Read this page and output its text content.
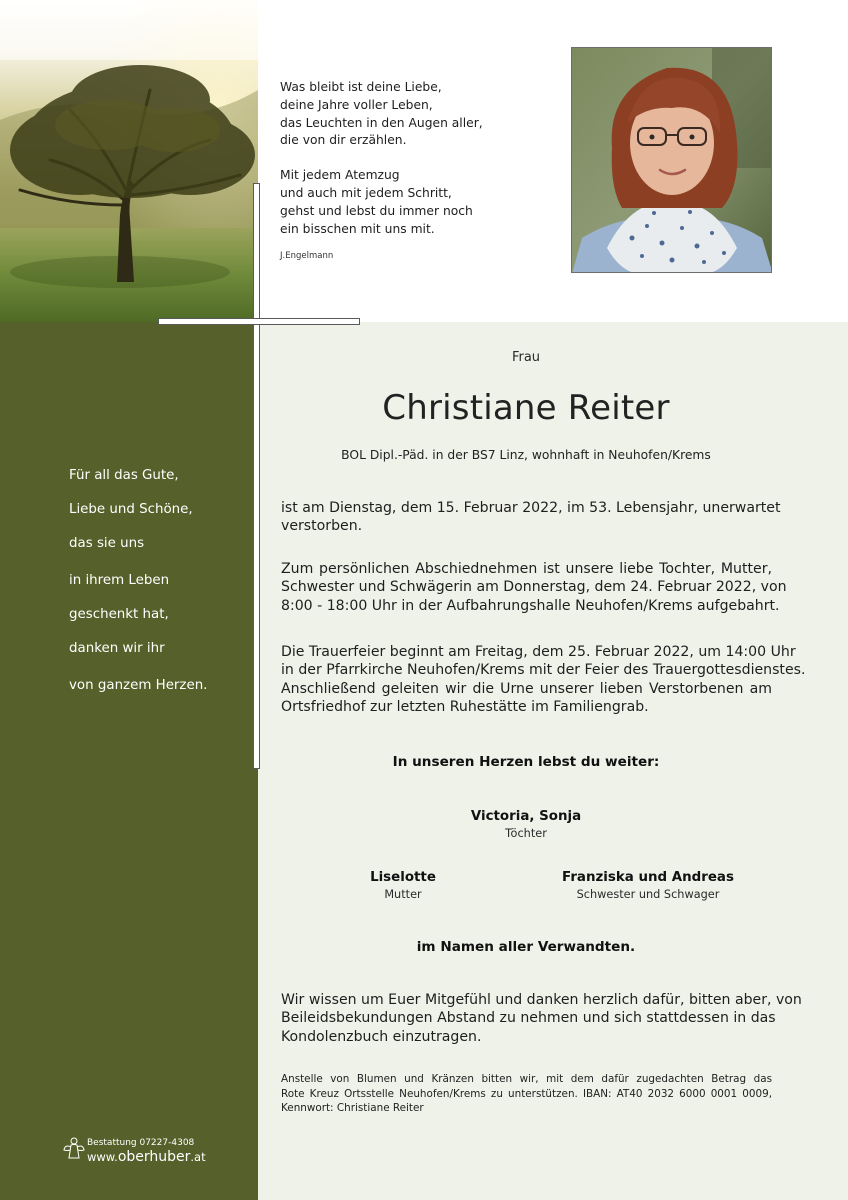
Was bleibt ist deine Liebe,
deine Jahre voller Leben,
das Leuchten in den Augen aller,
die von dir erzählen.
Mit jedem Atemzug
und auch mit jedem Schritt,
gehst und lebst du immer noch
ein bisschen mit uns mit.
J.Engelmann
Für all das Gute,
Liebe und Schöne,
das sie uns
in ihrem Leben
geschenkt hat,
danken wir ihr
von ganzem Herzen.
Bestattung 07227-4308
www.oberhuber.at
Frau
Christiane Reiter
BOL Dipl.-Päd. in der BS7 Linz, wohnhaft in Neuhofen/Krems
ist am Dienstag, dem 15. Februar 2022, im 53. Lebensjahr, unerwartet
verstorben.
Zum persönlichen Abschiednehmen ist unsere liebe Tochter, Mutter,
Schwester und Schwägerin am Donnerstag, dem 24. Februar 2022, von
8:00 - 18:00 Uhr in der Aufbahrungshalle Neuhofen/Krems aufgebahrt.
Die Trauerfeier beginnt am Freitag, dem 25. Februar 2022, um 14:00 Uhr
in der Pfarrkirche Neuhofen/Krems mit der Feier des Trauergottesdienstes.
Anschließend geleiten wir die Urne unserer lieben Verstorbenen am
Ortsfriedhof zur letzten Ruhestätte im Familiengrab.
In unseren Herzen lebst du weiter:
Victoria, Sonja
Töchter
Liselotte
Mutter
Franziska und Andreas
Schwester und Schwager
im Namen aller Verwandten.
Wir wissen um Euer Mitgefühl und danken herzlich dafür, bitten aber, von
Beileidsbekundungen Abstand zu nehmen und sich stattdessen in das
Kondolenzbuch einzutragen.
Anstelle von Blumen und Kränzen bitten wir, mit dem dafür zugedachten Betrag das
Rote Kreuz Ortsstelle Neuhofen/Krems zu unterstützen. IBAN: AT40 2032 6000 0001 0009,
Kennwort: Christiane Reiter
